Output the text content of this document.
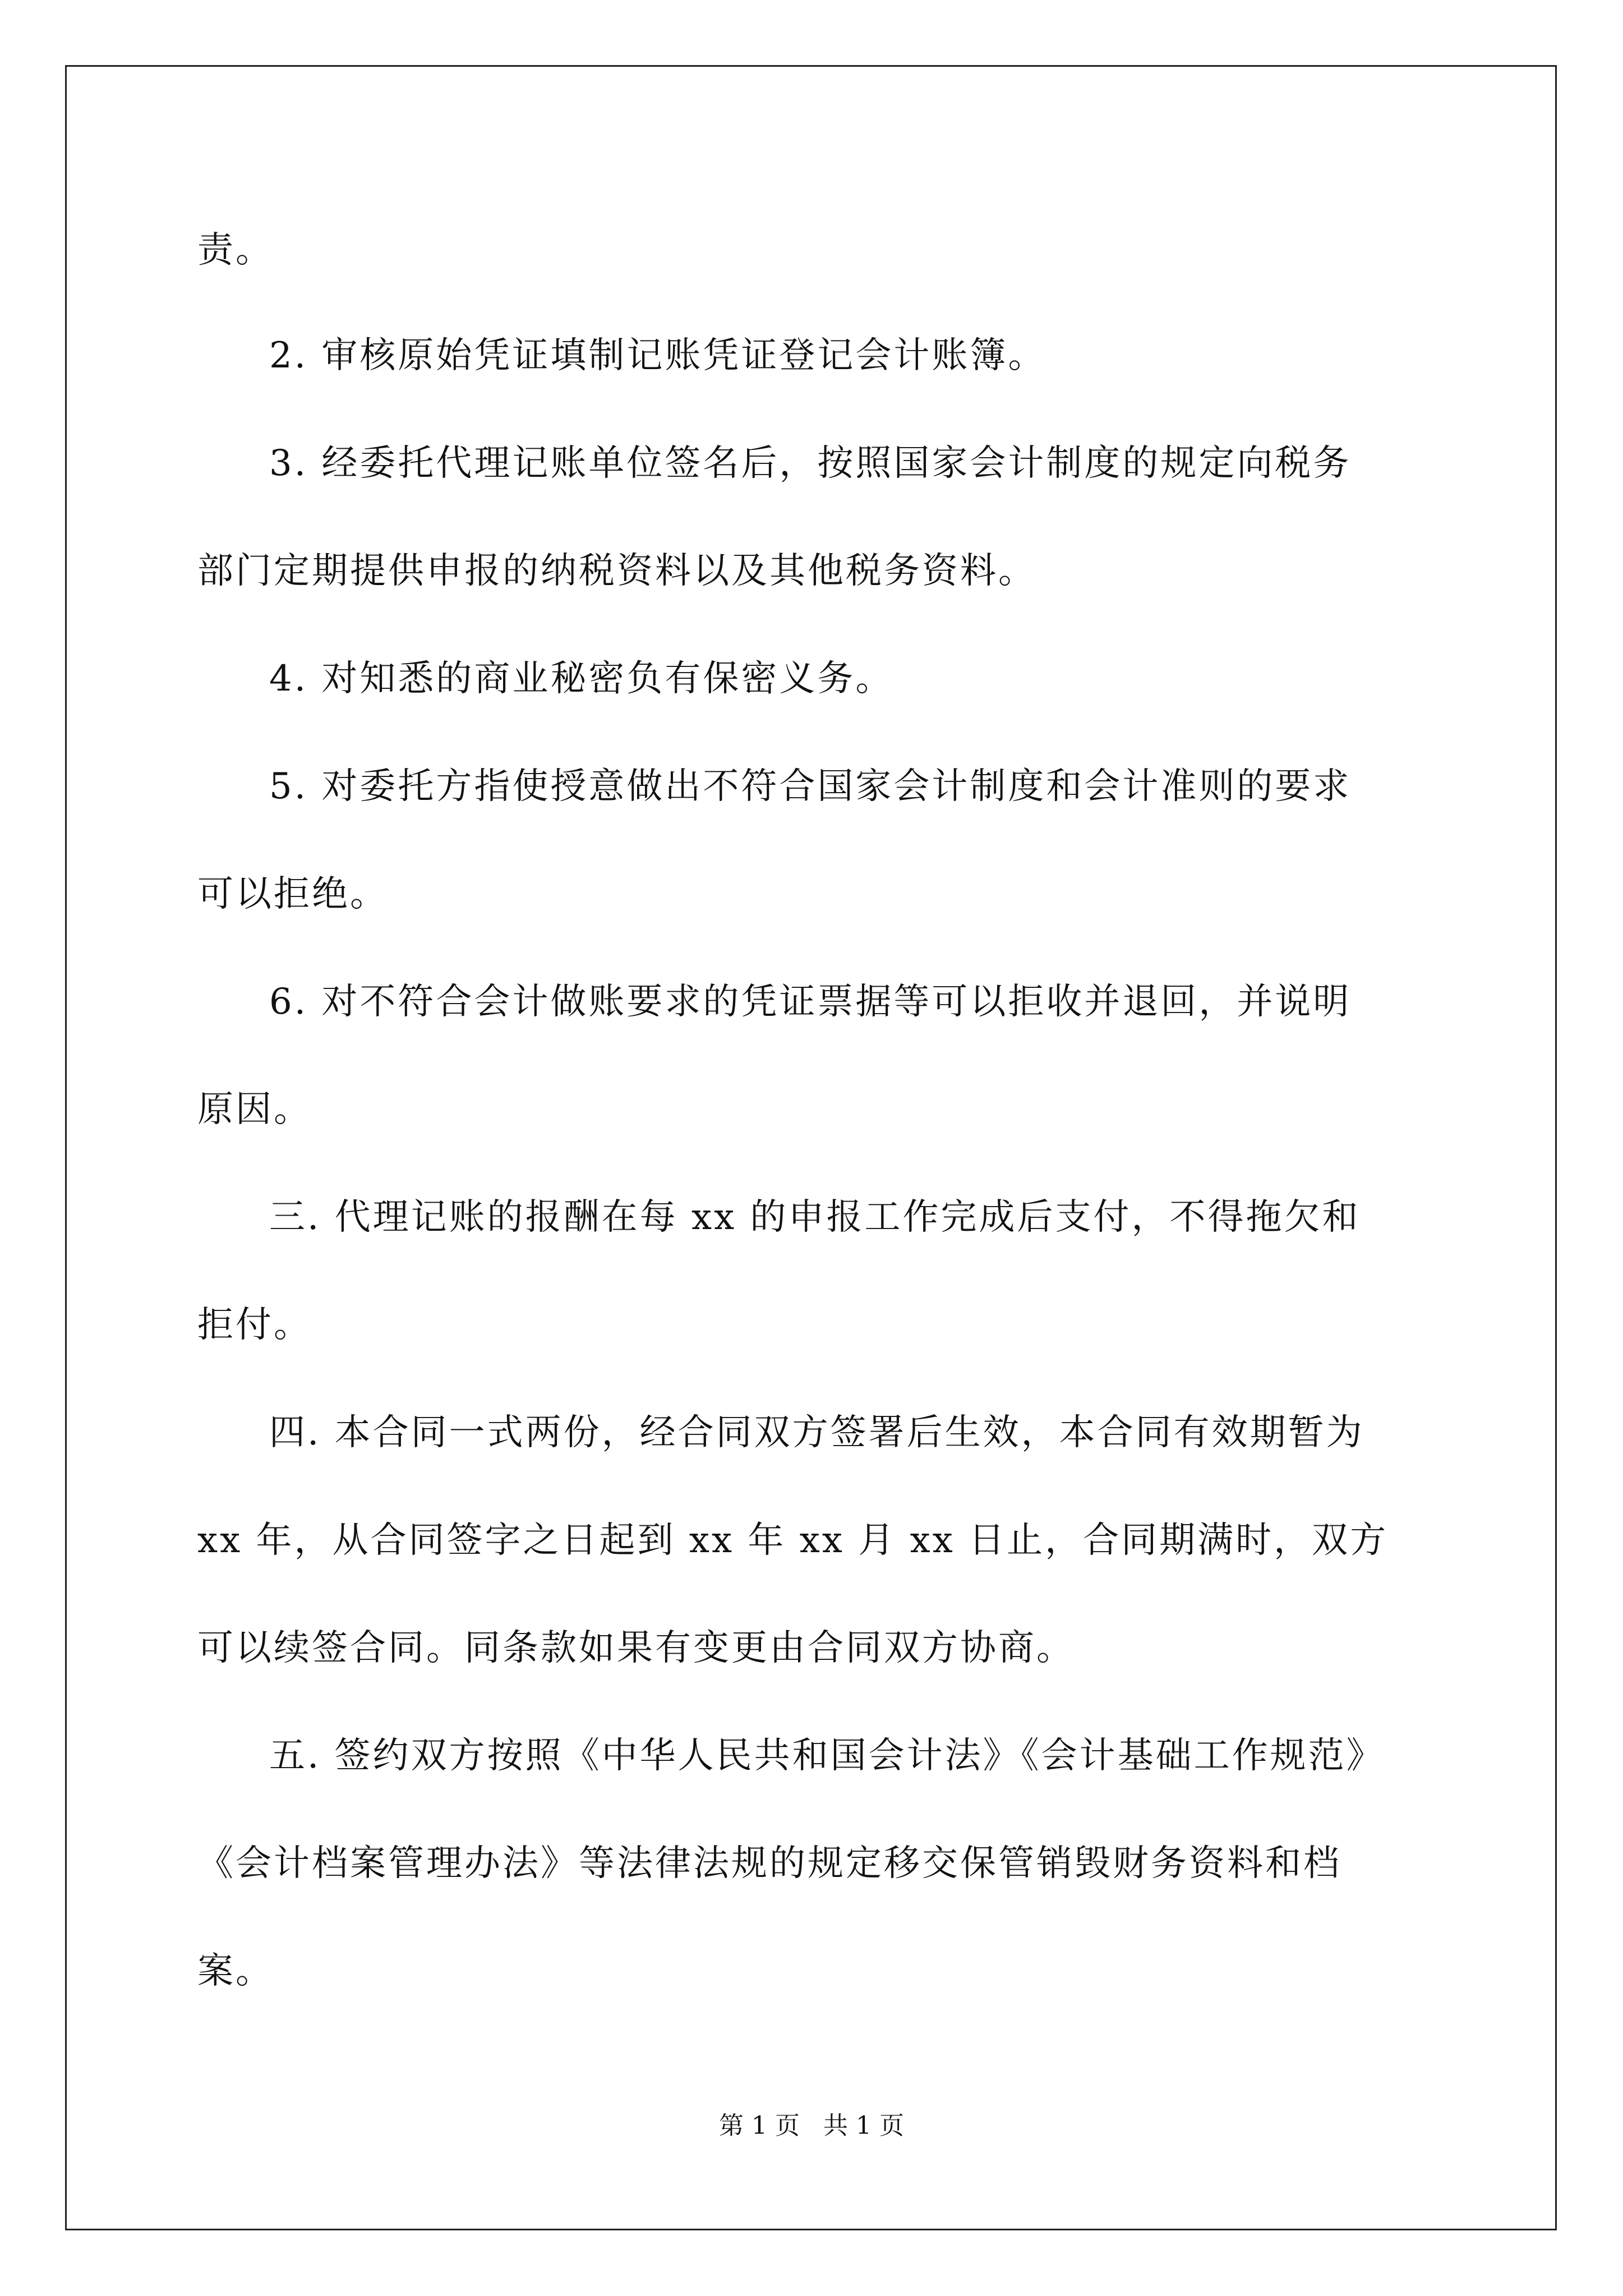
责。
2. 审核原始凭证填制记账凭证登记会计账簿。
3. 经委托代理记账单位签名后，按照国家会计制度的规定向税务
部门定期提供申报的纳税资料以及其他税务资料。
4. 对知悉的商业秘密负有保密义务。
5. 对委托方指使授意做出不符合国家会计制度和会计准则的要求
可以拒绝。
6. 对不符合会计做账要求的凭证票据等可以拒收并退回，并说明
原因。
三. 代理记账的报酬在每 xx 的申报工作完成后支付，不得拖欠和
拒付。
四. 本合同一式两份，经合同双方签署后生效，本合同有效期暂为
xx 年，从合同签字之日起到 xx 年 xx 月 xx 日止，合同期满时，双方
可以续签合同。同条款如果有变更由合同双方协商。
五. 签约双方按照《中华人民共和国会计法》《会计基础工作规范》
《会计档案管理办法》等法律法规的规定移交保管销毁财务资料和档
案。
第 1 页   共 1 页
